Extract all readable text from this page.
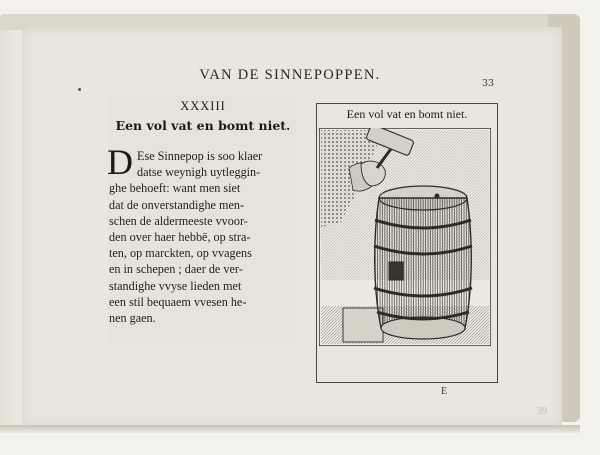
VAN DE SINNEPOPPEN.
33
XXXIII
Een vol vat en bomt niet.
D Ese Sinnepop is soo klaer
datse weynigh uytleggin-
ghe behoeft: want men siet
dat de onverstandighe men-
schen de aldermeeste vvoor-
den over haer hebbē, op stra-
ten, op marckten, op vvagens
en in schepen ; daer de ver-
standighe vvyse lieden met
een stil bequaem vvesen he-
nen gaen.
Een vol vat en bomt niet.
E
39
